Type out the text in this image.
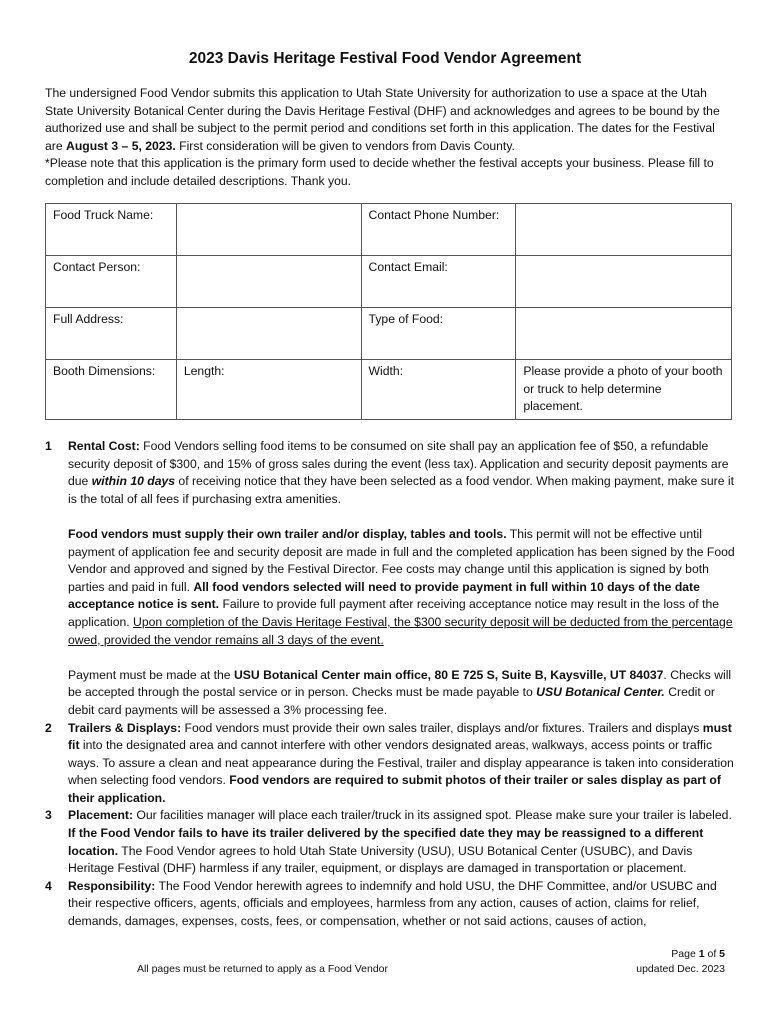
2023 Davis Heritage Festival Food Vendor Agreement

The undersigned Food Vendor submits this application to Utah State University for authorization to use a space at the Utah State University Botanical Center during the Davis Heritage Festival (DHF) and acknowledges and agrees to be bound by the authorized use and shall be subject to the permit period and conditions set forth in this application. The dates for the Festival are August 3 – 5, 2023. First consideration will be given to vendors from Davis County.

*Please note that this application is the primary form used to decide whether the festival accepts your business. Please fill to completion and include detailed descriptions. Thank you.

Food Truck Name:		Contact Phone Number:	
Contact Person:		Contact Email:	
Full Address:		Type of Food:	
Booth Dimensions:	Length:	Width:	Please provide a photo of your booth or truck to help determine placement.
1	Rental Cost: Food Vendors selling food items to be consumed on site shall pay an application fee of $50, a refundable security deposit of $300, and 15% of gross sales during the event (less tax). Application and security deposit payments are due within 10 days of receiving notice that they have been selected as a food vendor. When making payment, make sure it is the total of all fees if purchasing extra amenities.

Food vendors must supply their own trailer and/or display, tables and tools. This permit will not be effective until payment of application fee and security deposit are made in full and the completed application has been signed by the Food Vendor and approved and signed by the Festival Director. Fee costs may change until this application is signed by both parties and paid in full. All food vendors selected will need to provide payment in full within 10 days of the date acceptance notice is sent. Failure to provide full payment after receiving acceptance notice may result in the loss of the application. Upon completion of the Davis Heritage Festival, the $300 security deposit will be deducted from the percentage owed, provided the vendor remains all 3 days of the event.

Payment must be made at the USU Botanical Center main office, 80 E 725 S, Suite B, Kaysville, UT 84037. Checks will be accepted through the postal service or in person. Checks must be made payable to USU Botanical Center. Credit or debit card payments will be assessed a 3% processing fee.

2	Trailers & Displays: Food vendors must provide their own sales trailer, displays and/or fixtures. Trailers and displays must fit into the designated area and cannot interfere with other vendors designated areas, walkways, access points or traffic ways. To assure a clean and neat appearance during the Festival, trailer and display appearance is taken into consideration when selecting food vendors. Food vendors are required to submit photos of their trailer or sales display as part of their application.

3	Placement: Our facilities manager will place each trailer/truck in its assigned spot. Please make sure your trailer is labeled. If the Food Vendor fails to have its trailer delivered by the specified date they may be reassigned to a different location. The Food Vendor agrees to hold Utah State University (USU), USU Botanical Center (USUBC), and Davis Heritage Festival (DHF) harmless if any trailer, equipment, or displays are damaged in transportation or placement.

4	Responsibility: The Food Vendor herewith agrees to indemnify and hold USU, the DHF Committee, and/or USUBC and their respective officers, agents, officials and employees, harmless from any action, causes of action, claims for relief, demands, damages, expenses, costs, fees, or compensation, whether or not said actions, causes of action,

All pages must be returned to apply as a Food Vendor
Page 1 of 5
updated Dec. 2023
